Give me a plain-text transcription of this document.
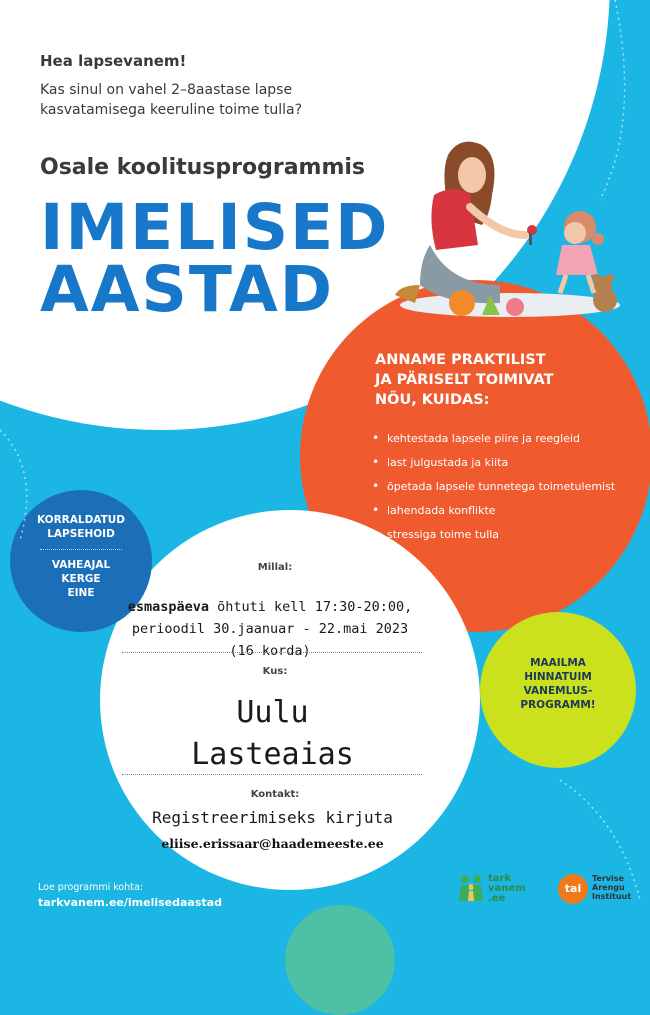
Hea lapsevanem!
Kas sinul on vahel 2–8aastase lapse
kasvatamisega keeruline toime tulla?
Osale koolitusprogrammis
IMELISED
AASTAD
ANNAME PRAKTILIST
JA PÄRISELT TOIMIVAT
NÕU, KUIDAS:
• kehtestada lapsele piire ja reegleid
• last julgustada ja kiita
• õpetada lapsele tunnetega toimetulemist
• lahendada konflikte
• stressiga toime tulla
KORRALDATUD
LAPSEHOID
VAHEAJAL
KERGE
EINE
MAAILMA
HINNATUIM
VANEMLUS-
PROGRAMM!
Millal:
esmaspäeva õhtuti kell 17:30-20:00,
perioodil 30.jaanuar - 22.mai 2023
(16 korda)
Kus:
Uulu
Lasteaias
Kontakt:
Registreerimiseks kirjuta
eliise.erissaar@haademeeste.ee
Loe programmi kohta:
tarkvanem.ee/imelisedaastad
tark
vanem
.ee
tai
Tervise
Arengu
Instituut
